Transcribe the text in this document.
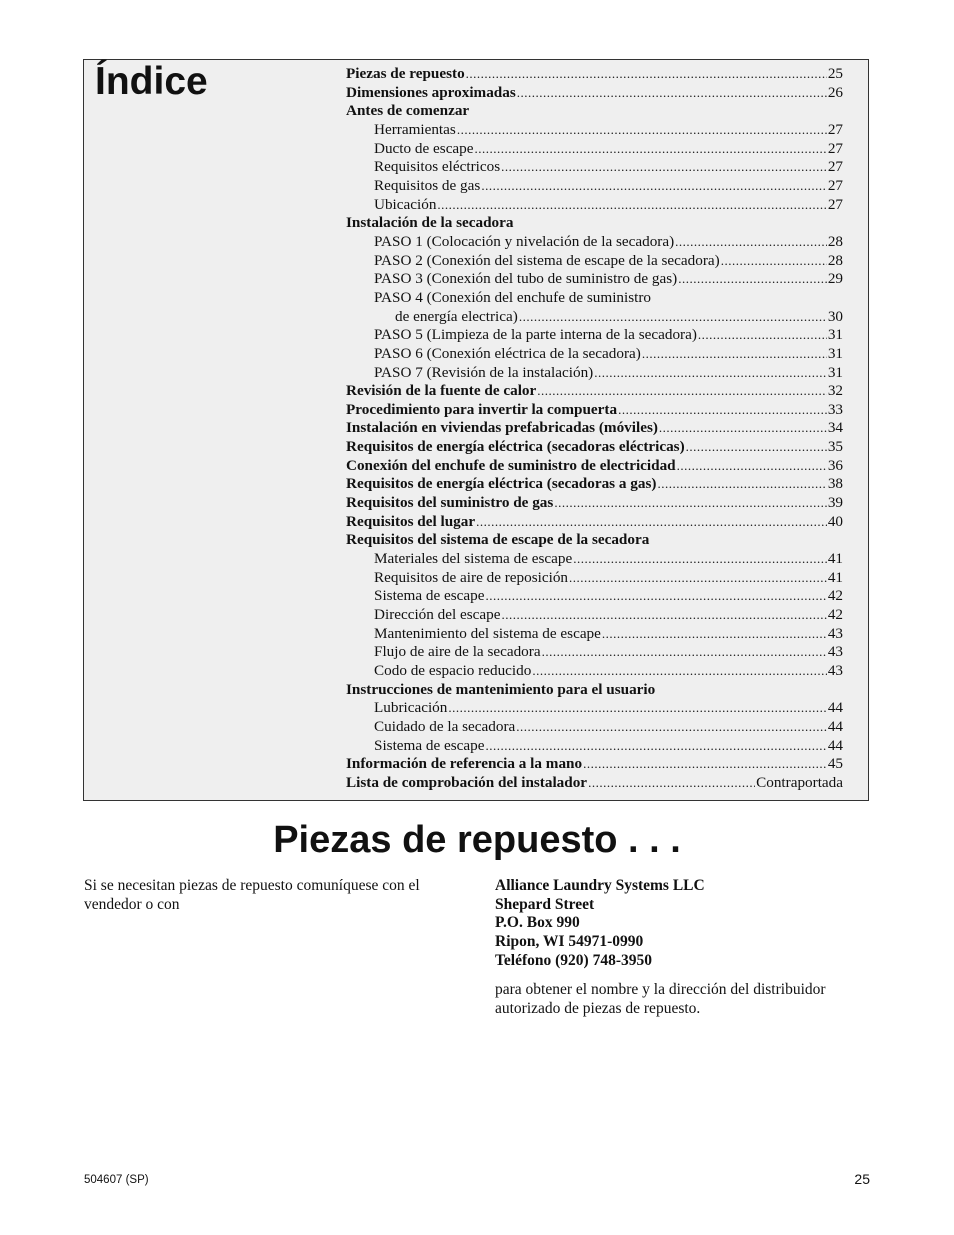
Índice	Piezas de repuesto .....	25
Dimensiones aproximadas .....	26
Antes de comenzar
Herramientas .....	27
Ducto de escape .....	27
Requisitos eléctricos .....	27
Requisitos de gas .....	27
Ubicación .....	27
Instalación de la secadora
PASO 1 (Colocación y nivelación de la secadora) .....	28
PASO 2 (Conexión del sistema de escape de la secadora) .....	28
PASO 3 (Conexión del tubo de suministro de gas) .....	29
PASO 4 (Conexión del enchufe de suministro
de energía electrica) .....	30
PASO 5 (Limpieza de la parte interna de la secadora) .....	31
PASO 6 (Conexión eléctrica de la secadora) .....	31
PASO 7 (Revisión de la instalación) .....	31
Revisión de la fuente de calor .....	32
Procedimiento para invertir la compuerta .....	33
Instalación en viviendas prefabricadas (móviles) .....	34
Requisitos de energía eléctrica (secadoras eléctricas) .....	35
Conexión del enchufe de suministro de electricidad .....	36
Requisitos de energía eléctrica (secadoras a gas) .....	38
Requisitos del suministro de gas .....	39
Requisitos del lugar .....	40
Requisitos del sistema de escape de la secadora
Materiales del sistema de escape .....	41
Requisitos de aire de reposición .....	41
Sistema de escape .....	42
Dirección del escape .....	42
Mantenimiento del sistema de escape .....	43
Flujo de aire de la secadora .....	43
Codo de espacio reducido .....	43
Instrucciones de mantenimiento para el usuario
Lubricación .....	44
Cuidado de la secadora .....	44
Sistema de escape .....	44
Información de referencia a la mano .....	45
Lista de comprobación del instalador .....	Contraportada
Piezas de repuesto . . .

Si se necesitan piezas de repuesto comuníquese con el vendedor o con

Alliance Laundry Systems LLC
Shepard Street
P.O. Box 990
Ripon, WI 54971-0990
Teléfono (920) 748-3950

para obtener el nombre y la dirección del distribuidor autorizado de piezas de repuesto.

504607 (SP)	25
